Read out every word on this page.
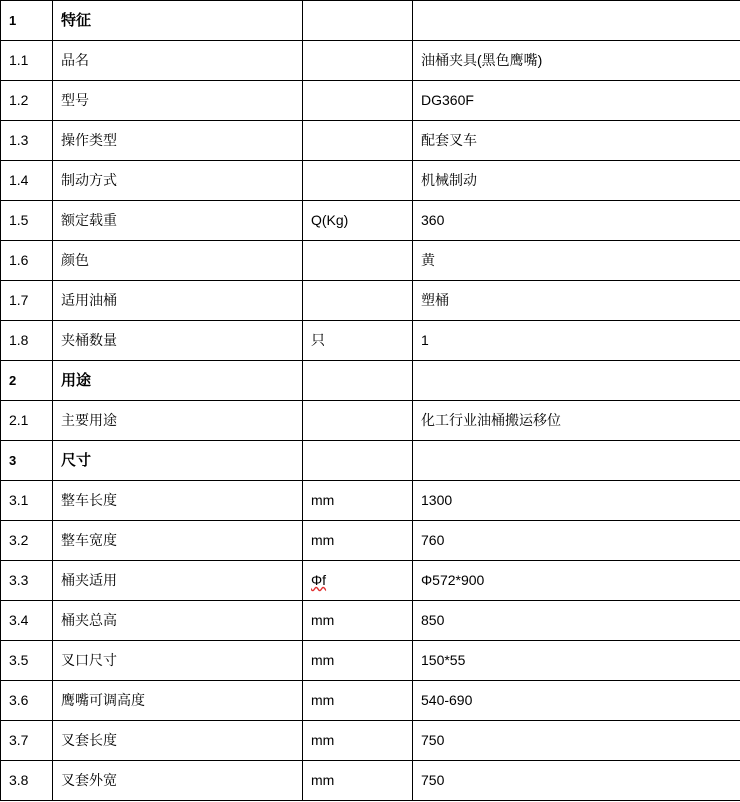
1	特征		
1.1	品名		油桶夹具(黑色鹰嘴)
1.2	型号		DG360F
1.3	操作类型		配套叉车
1.4	制动方式		机械制动
1.5	额定载重	Q(Kg)	360
1.6	颜色		黄
1.7	适用油桶		塑桶
1.8	夹桶数量	只	1
2	用途		
2.1	主要用途		化工行业油桶搬运移位
3	尺寸		
3.1	整车长度	mm	1300
3.2	整车宽度	mm	760
3.3	桶夹适用	Φf	Φ572*900
3.4	桶夹总高	mm	850
3.5	叉口尺寸	mm	150*55
3.6	鹰嘴可调高度	mm	540-690
3.7	叉套长度	mm	750
3.8	叉套外宽	mm	750
